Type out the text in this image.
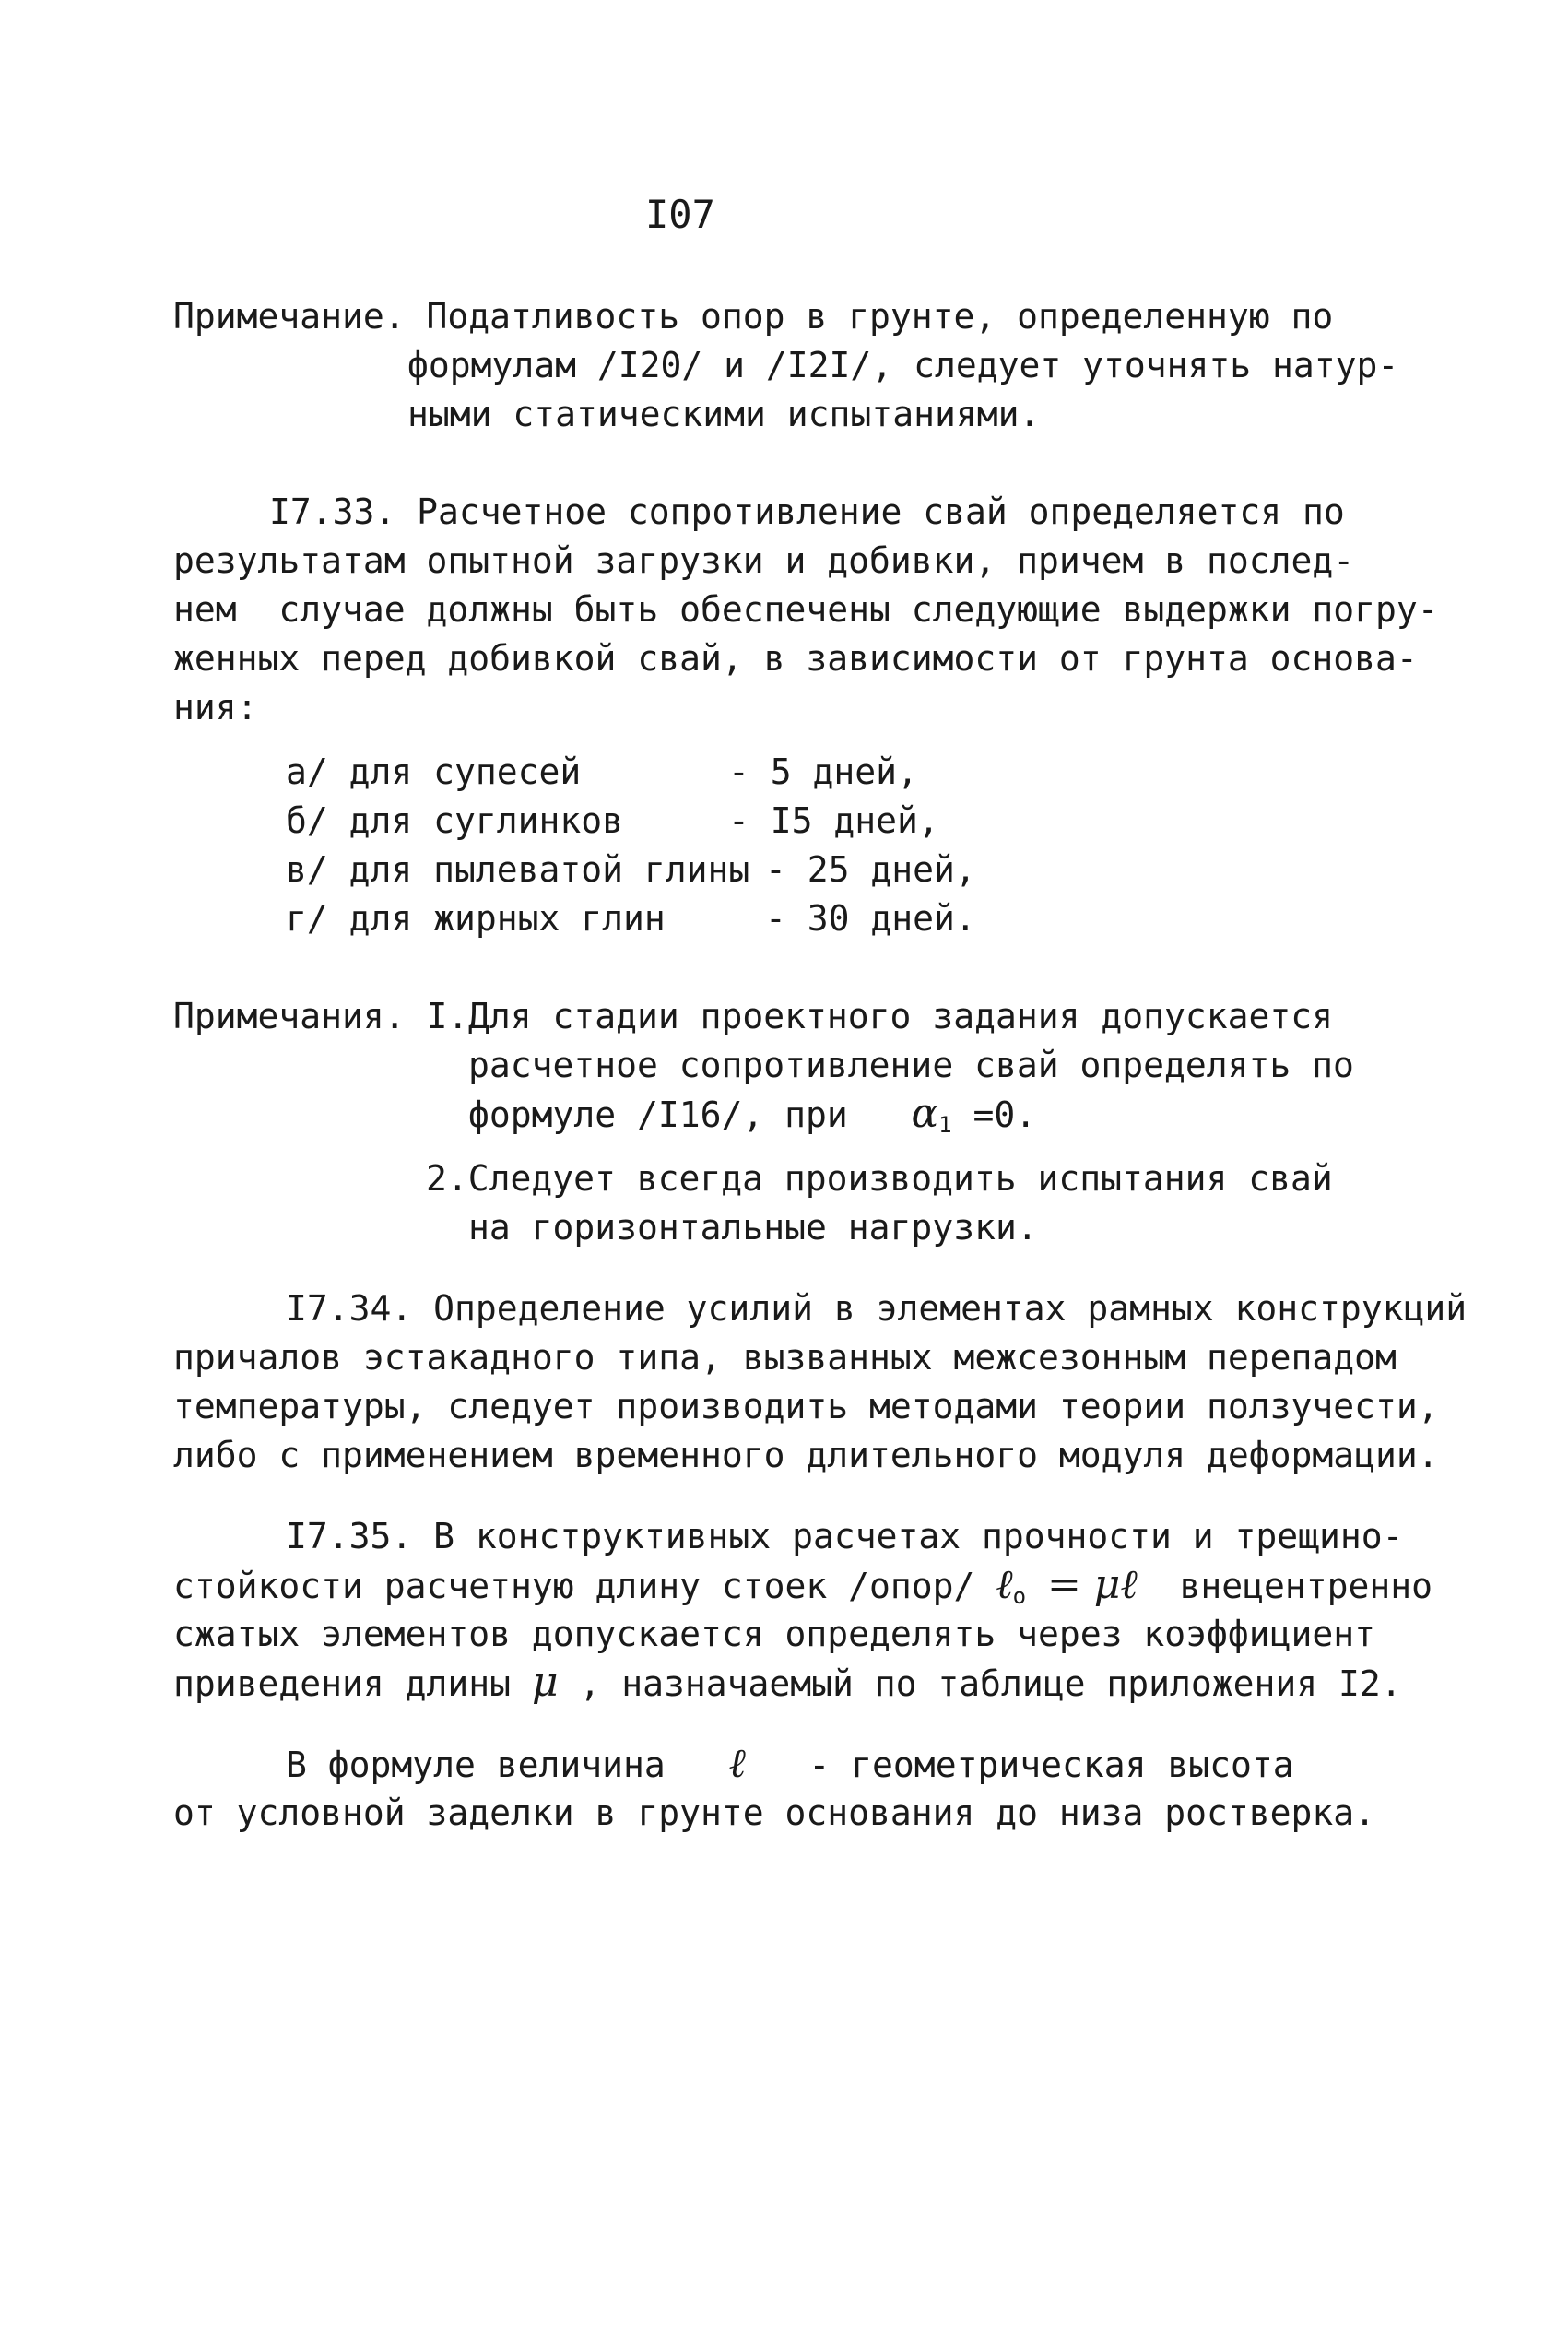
I07
Примечание. Податливость опор в грунте, определенную по
формулам /I20/ и /I2I/, следует уточнять натур-
ными статическими испытаниями.
I7.33. Расчетное сопротивление свай определяется по
результатам опытной загрузки и добивки, причем в послед-
нем  случае должны быть обеспечены следующие выдержки погру-
женных перед добивкой свай, в зависимости от грунта основа-
ния:
а/ для супесей	- 5 дней,
б/ для суглинков	- I5 дней,
в/ для пылеватой глины - 25 дней,
г/ для жирных глин	- 30 дней.
Примечания. I. Для стадии проектного задания допускается
расчетное сопротивление свай определять по
формуле /I16/, при $\alpha_1 =0$.
2.Следует всегда производить испытания свай
на горизонтальные нагрузки.
I7.34. Определение усилий в элементах рамных конструкций
причалов эстакадного типа, вызванных межсезонным перепадом
температуры, следует производить методами теории ползучести,
либо с применением временного длительного модуля деформации.
I7.35. В конструктивных расчетах прочности и трещино-
стойкости расчетную длину стоек /опор/ ℓ$_o$ = μℓ внецентренно
сжатых элементов допускается определять через коэффициент
приведения длины μ , назначаемый по таблице приложения I2.
В формуле величина ℓ - геометрическая высота
от условной заделки в грунте основания до низа ростверка.
